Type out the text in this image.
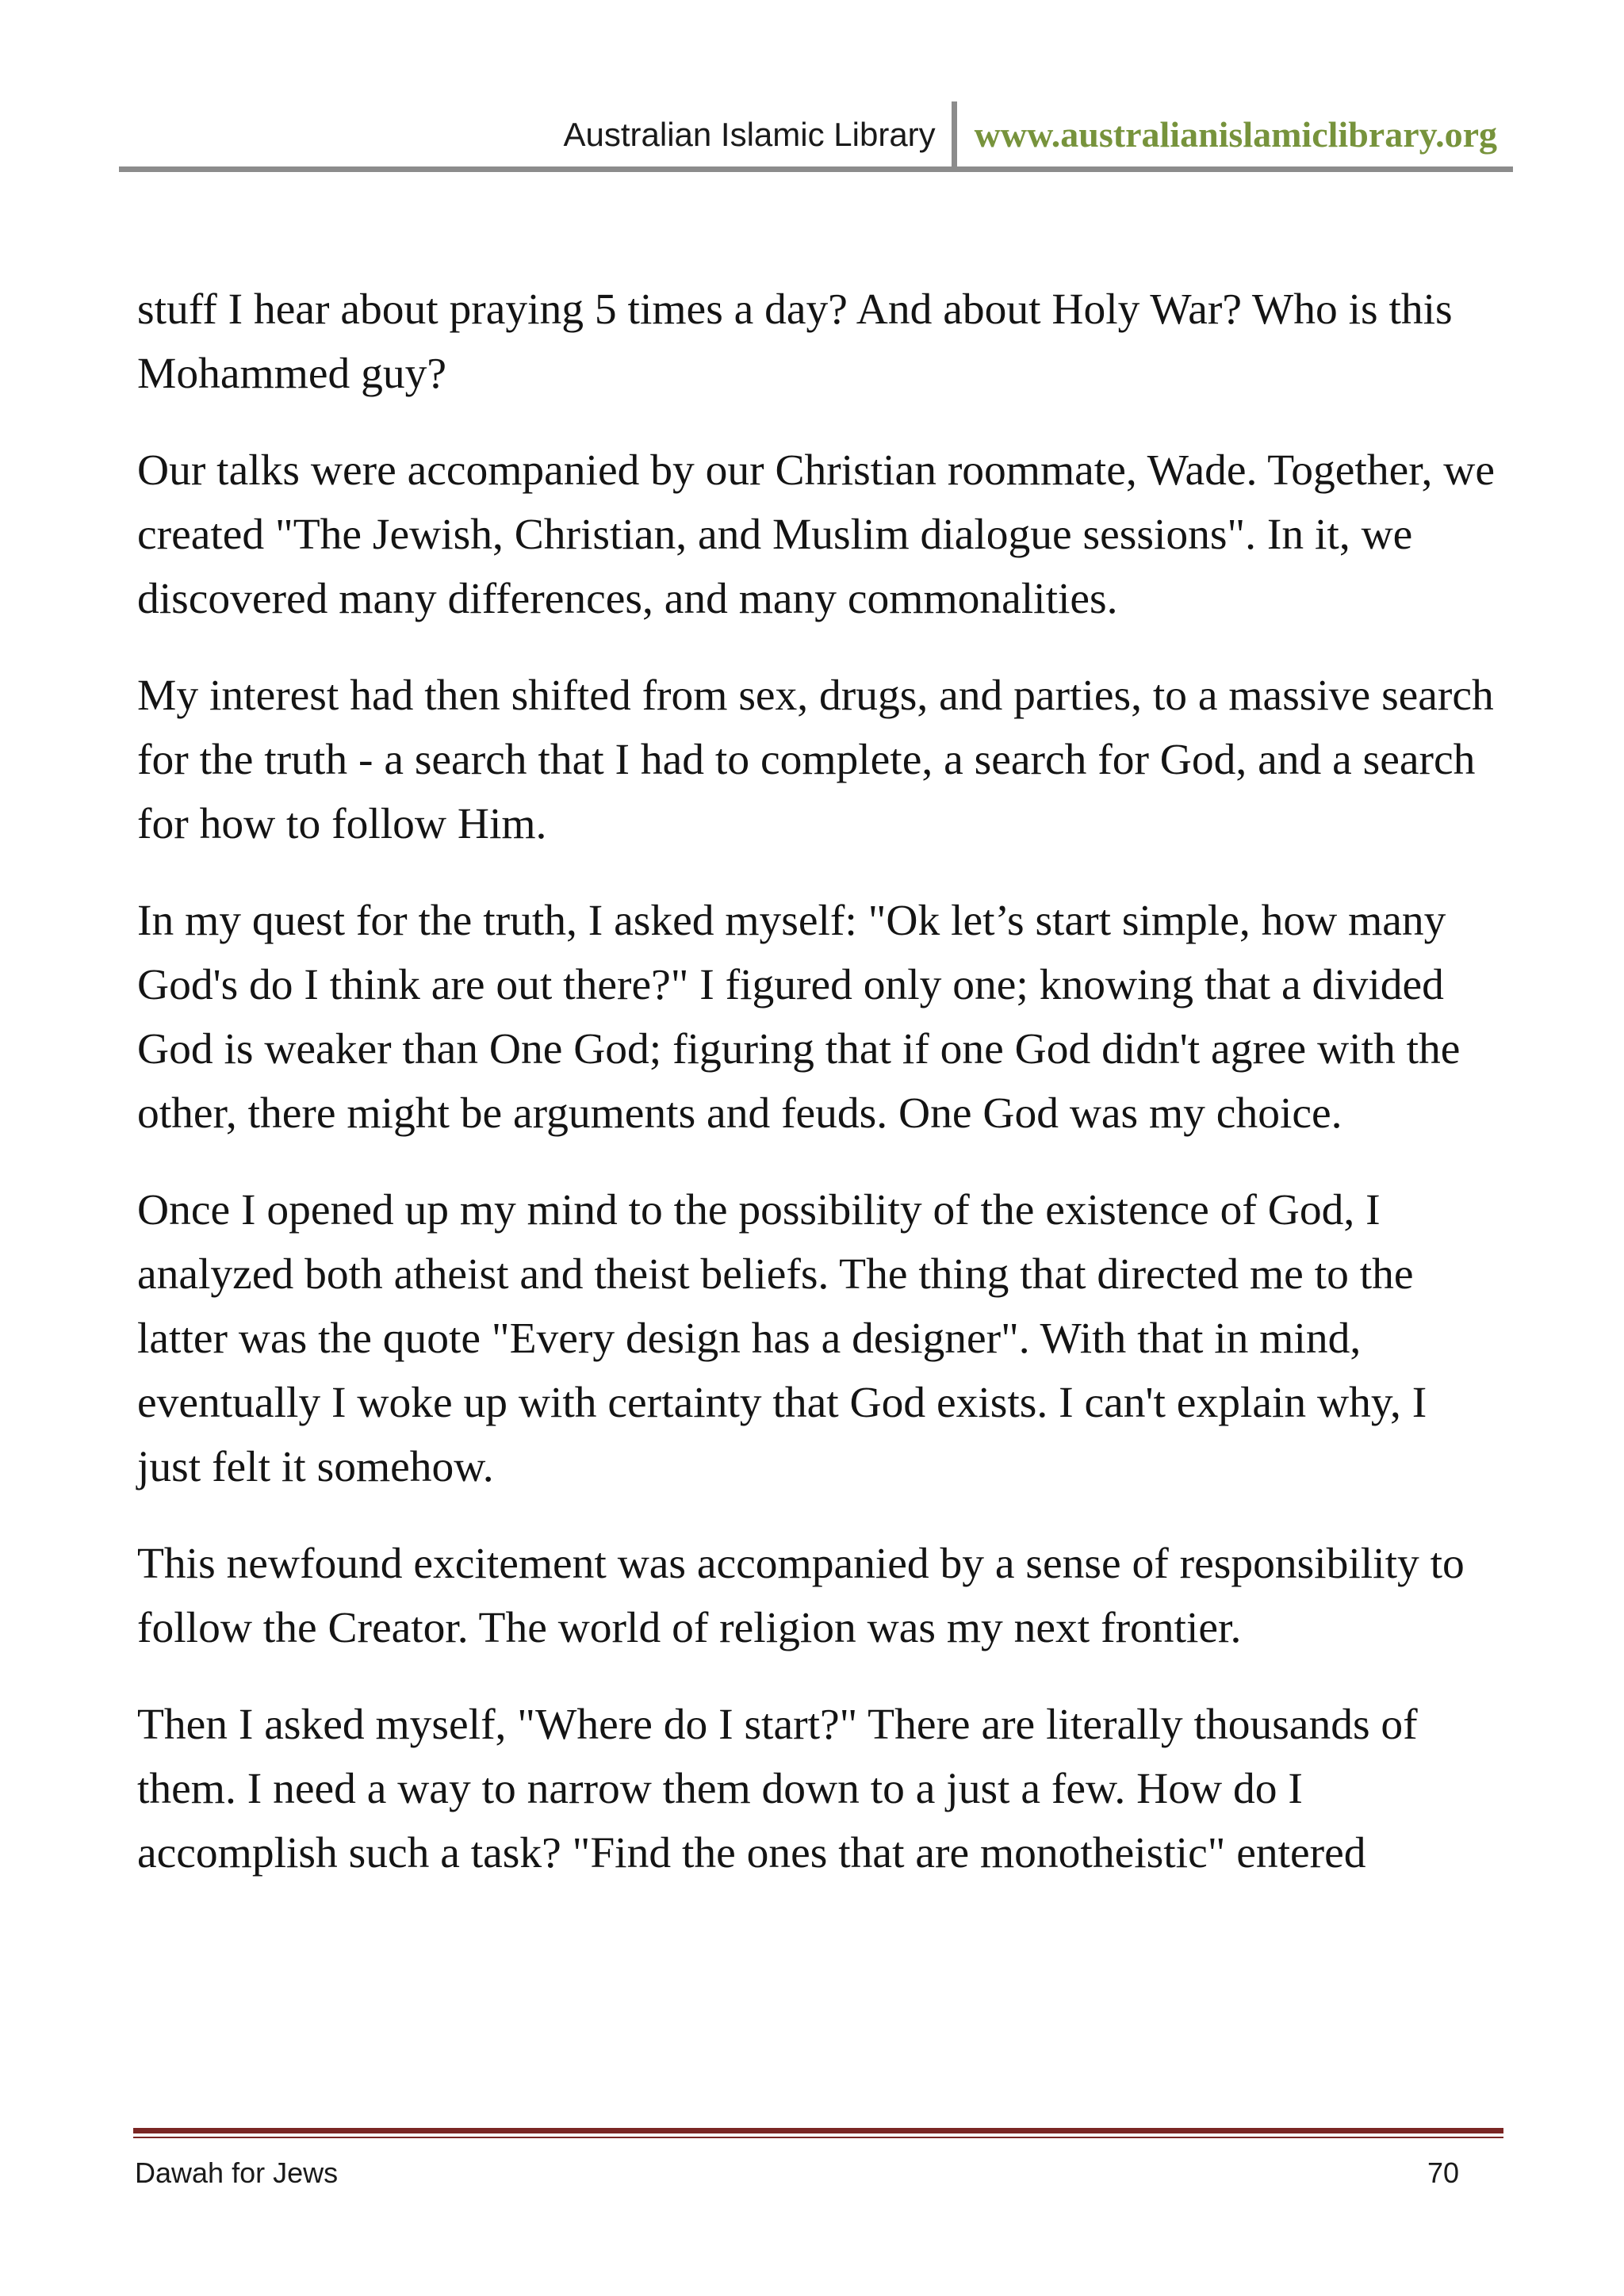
Australian Islamic Library	www.australianislamiclibrary.org

stuff I hear about praying 5 times a day? And about Holy War? Who is this Mohammed guy?

Our talks were accompanied by our Christian roommate, Wade. Together, we created "The Jewish, Christian, and Muslim dialogue sessions". In it, we discovered many differences, and many commonalities.

My interest had then shifted from sex, drugs, and parties, to a massive search for the truth - a search that I had to complete, a search for God, and a search for how to follow Him.

In my quest for the truth, I asked myself: "Ok let’s start simple, how many God's do I think are out there?" I figured only one; knowing that a divided God is weaker than One God; figuring that if one God didn't agree with the other, there might be arguments and feuds. One God was my choice.

Once I opened up my mind to the possibility of the existence of God, I analyzed both atheist and theist beliefs. The thing that directed me to the latter was the quote "Every design has a designer". With that in mind, eventually I woke up with certainty that God exists. I can't explain why, I just felt it somehow.

This newfound excitement was accompanied by a sense of responsibility to follow the Creator. The world of religion was my next frontier.

Then I asked myself, "Where do I start?" There are literally thousands of them. I need a way to narrow them down to a just a few. How do I accomplish such a task? "Find the ones that are monotheistic" entered

Dawah for Jews	70
